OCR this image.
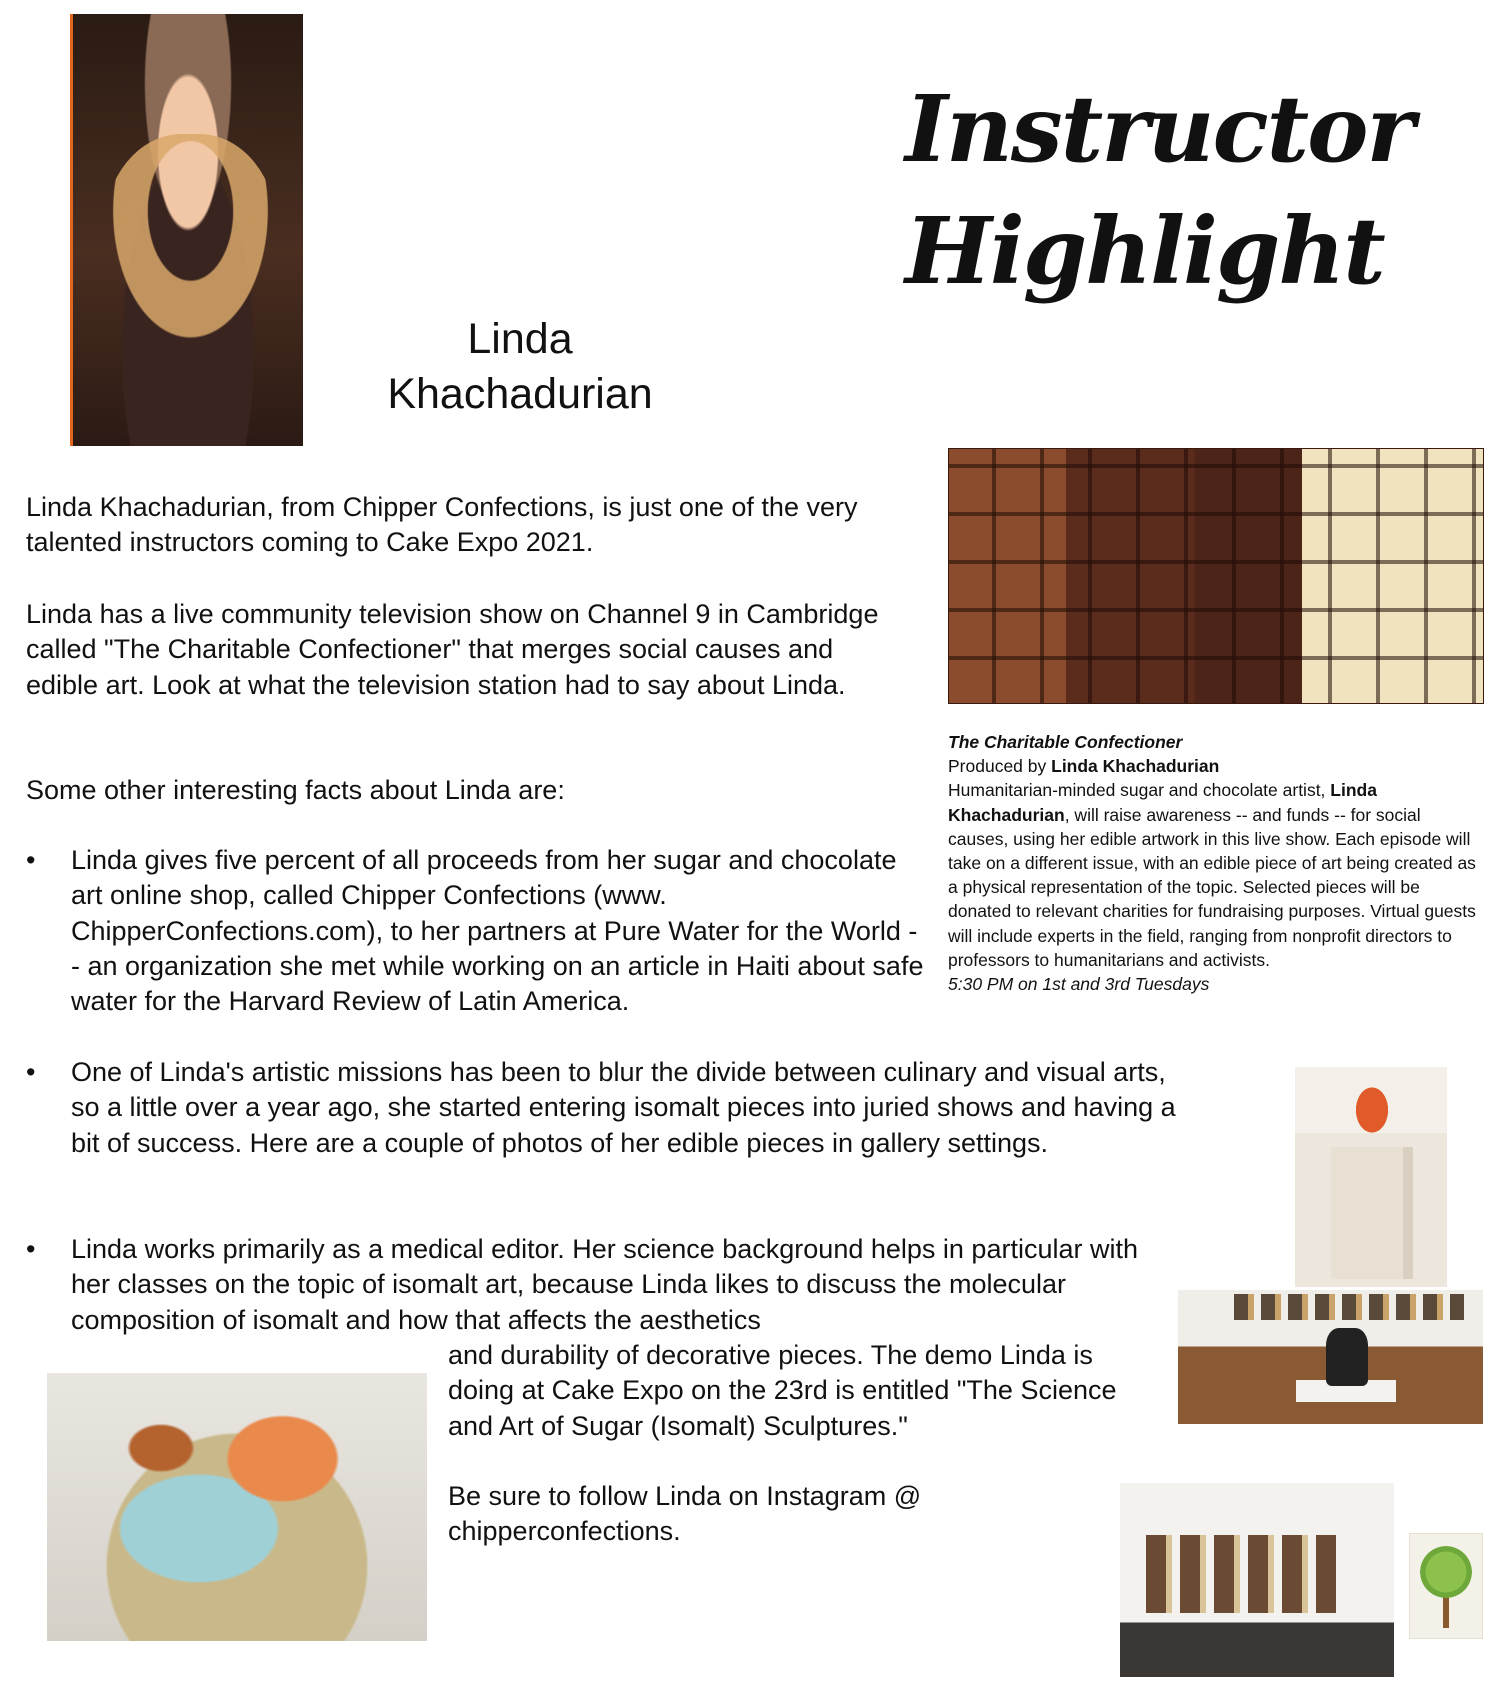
Linda
Khachadurian
Instructor
Highlight
The Charitable Confectioner
Produced by Linda Khachadurian
Humanitarian-minded sugar and chocolate artist, Linda Khachadurian, will raise awareness -- and funds -- for social causes, using her edible artwork in this live show. Each episode will take on a different issue, with an edible piece of art being created as a physical representation of the topic. Selected pieces will be donated to relevant charities for fundraising purposes. Virtual guests will include experts in the field, ranging from nonprofit directors to professors to humanitarians and activists.
5:30 PM on 1st and 3rd Tuesdays
Linda Khachadurian, from Chipper Confections, is just one of the very talented instructors coming to Cake Expo 2021.
Linda has a live community television show on Channel 9 in Cambridge called "The Charitable Confectioner" that merges social causes and edible art. Look at what the television station had to say about Linda.
Some other interesting facts about Linda are:
• Linda gives five percent of all proceeds from her sugar and chocolate art online shop, called Chipper Confections (www. ChipperConfections.com), to her partners at Pure Water for the World -- an organization she met while working on an article in Haiti about safe water for the Harvard Review of Latin America.
• One of Linda's artistic missions has been to blur the divide between culinary and visual arts, so a little over a year ago, she started entering isomalt pieces into juried shows and having a bit of success. Here are a couple of photos of her edible pieces in gallery settings.
• Linda works primarily as a medical editor. Her science background helps in particular with her classes on the topic of isomalt art, because Linda likes to discuss the molecular composition of isomalt and how that affects the aesthetics
and durability of decorative pieces. The demo Linda is doing at Cake Expo on the 23rd is entitled "The Science and Art of Sugar (Isomalt) Sculptures."
Be sure to follow Linda on Instagram @ chipperconfections.
